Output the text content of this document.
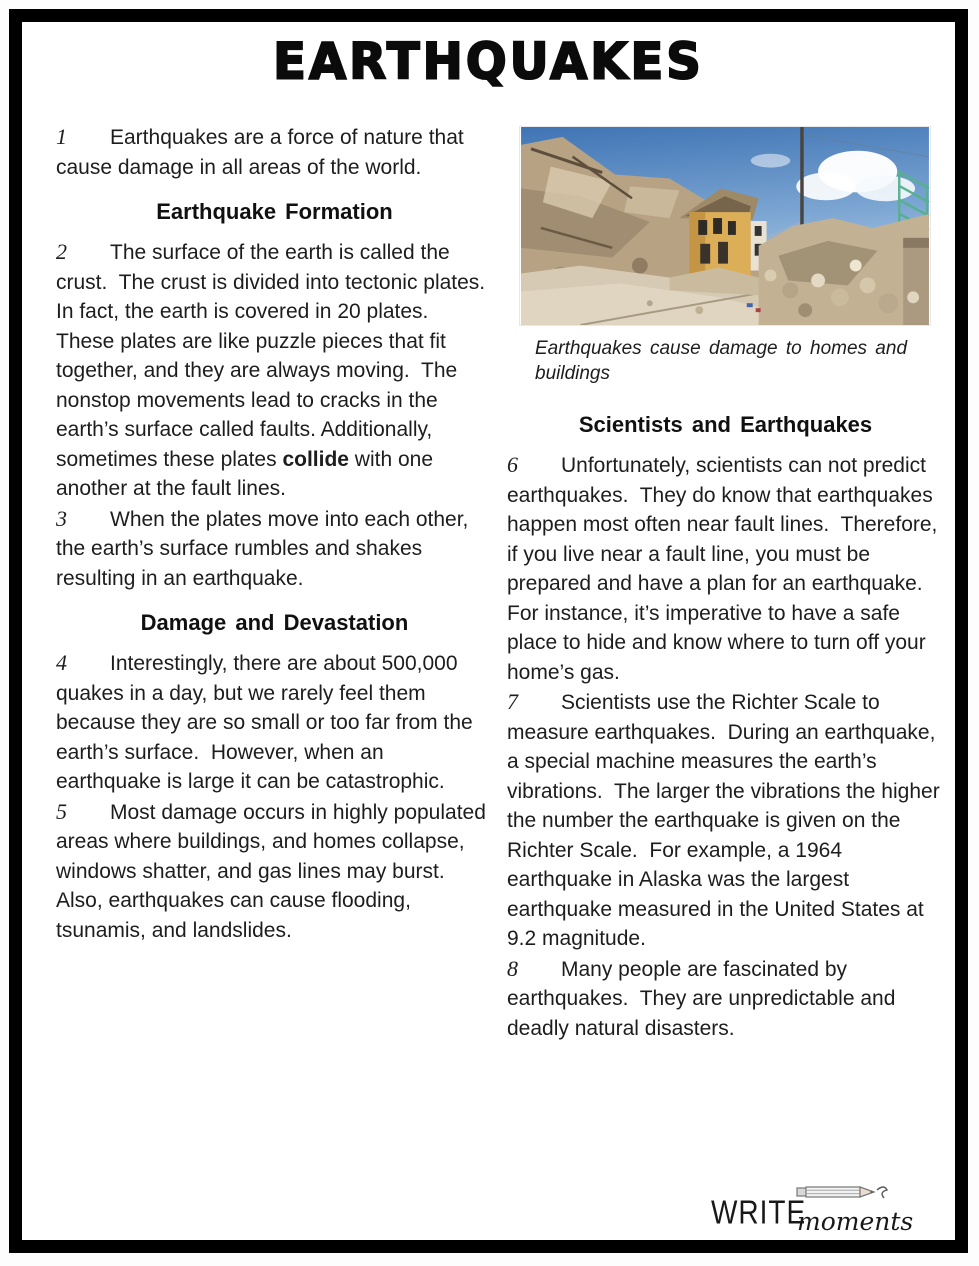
EARTHQUAKES

1 Earthquakes are a force of nature that cause damage in all areas of the world.

Earthquake Formation

2 The surface of the earth is called the crust.  The crust is divided into tectonic plates.  In fact, the earth is covered in 20 plates.  These plates are like puzzle pieces that fit together, and they are always moving.  The nonstop movements lead to cracks in the earth’s surface called faults. Additionally, sometimes these plates collide with one another at the fault lines.

3 When the plates move into each other, the earth’s surface rumbles and shakes resulting in an earthquake.

Damage and Devastation

4 Interestingly, there are about 500,000 quakes in a day, but we rarely feel them because they are so small or too far from the earth’s surface.  However, when an earthquake is large it can be catastrophic.

5 Most damage occurs in highly populated areas where buildings, and homes collapse, windows shatter, and gas lines may burst.  Also, earthquakes can cause flooding, tsunamis, and landslides.

Earthquakes cause damage to homes and buildings
Scientists and Earthquakes

6 Unfortunately, scientists can not predict earthquakes.  They do know that earthquakes happen most often near fault lines.  Therefore, if you live near a fault line, you must be prepared and have a plan for an earthquake.  For instance, it’s imperative to have a safe place to hide and know where to turn off your home’s gas.

7 Scientists use the Richter Scale to measure earthquakes.  During an earthquake, a special machine measures the earth’s vibrations.  The larger the vibrations the higher the number the earthquake is given on the Richter Scale.  For example, a 1964 earthquake in Alaska was the largest earthquake measured in the United States at 9.2 magnitude.

8 Many people are fascinated by earthquakes.  They are unpredictable and deadly natural disasters.

WRITE
moments
